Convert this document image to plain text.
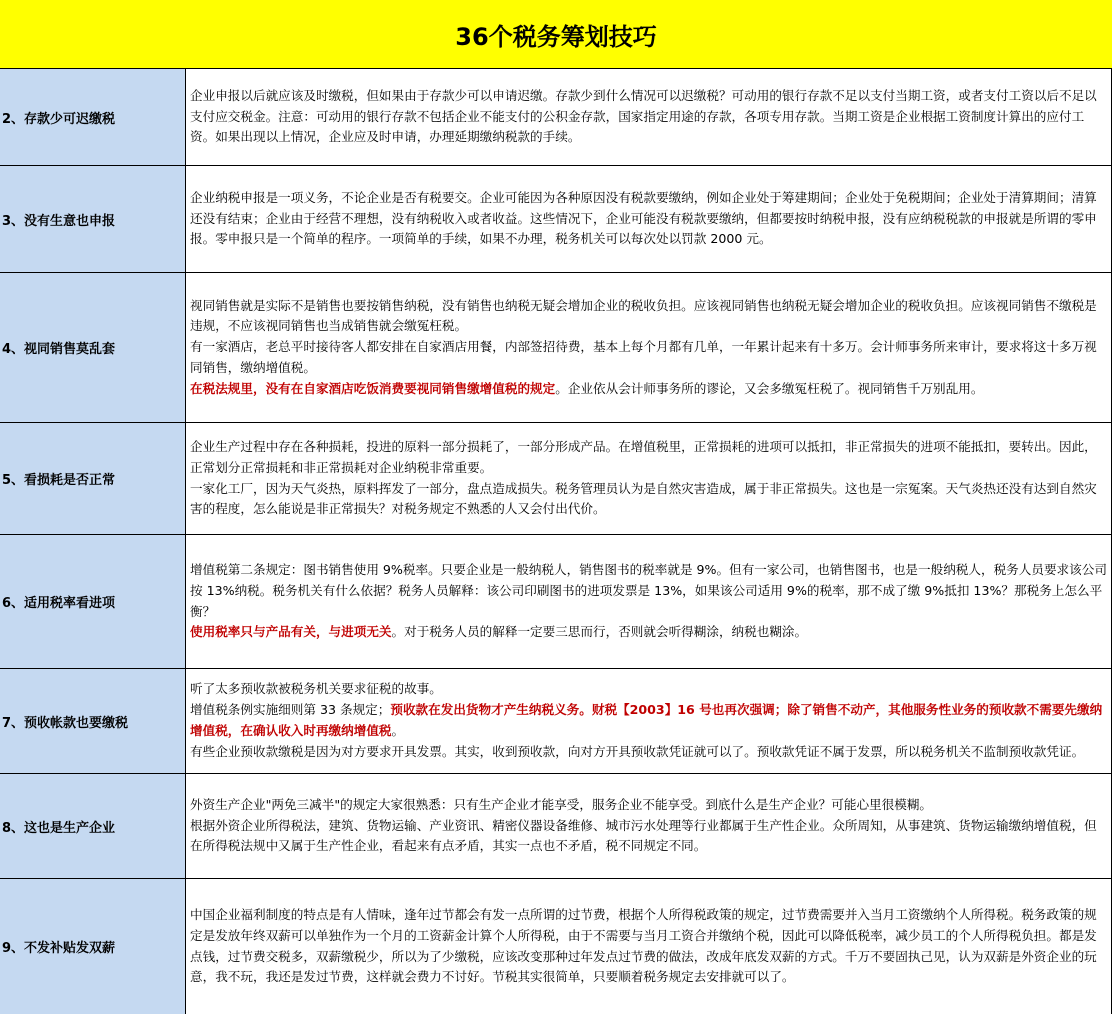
36个税务筹划技巧
2、存款少可迟缴税

企业申报以后就应该及时缴税，但如果由于存款少可以申请迟缴。存款少到什么情况可以迟缴税？可动用的银行存款不足以支付当期工资，或者支付工资以后不足以支付应交税金。注意：可动用的银行存款不包括企业不能支付的公积金存款，国家指定用途的存款，各项专用存款。当期工资是企业根据工资制度计算出的应付工资。如果出现以上情况，企业应及时申请，办理延期缴纳税款的手续。

3、没有生意也申报

企业纳税申报是一项义务，不论企业是否有税要交。企业可能因为各种原因没有税款要缴纳，例如企业处于筹建期间；企业处于免税期间；企业处于清算期间；清算还没有结束；企业由于经营不理想，没有纳税收入或者收益。这些情况下，企业可能没有税款要缴纳，但都要按时纳税申报，没有应纳税税款的申报就是所谓的零申报。零申报只是一个简单的程序。一项简单的手续，如果不办理，税务机关可以每次处以罚款 2000 元。

4、视同销售莫乱套

视同销售就是实际不是销售也要按销售纳税，没有销售也纳税无疑会增加企业的税收负担。应该视同销售也纳税无疑会增加企业的税收负担。应该视同销售不缴税是违规，不应该视同销售也当成销售就会缴冤枉税。

有一家酒店，老总平时接待客人都安排在自家酒店用餐，内部签招待费，基本上每个月都有几单，一年累计起来有十多万。会计师事务所来审计，要求将这十多万视同销售，缴纳增值税。

在税法规里，没有在自家酒店吃饭消费要视同销售缴增值税的规定。企业依从会计师事务所的谬论，又会多缴冤枉税了。视同销售千万别乱用。

5、看损耗是否正常

企业生产过程中存在各种损耗，投进的原料一部分损耗了，一部分形成产品。在增值税里，正常损耗的进项可以抵扣，非正常损失的进项不能抵扣，要转出。因此，正常划分正常损耗和非正常损耗对企业纳税非常重要。

一家化工厂，因为天气炎热，原料挥发了一部分，盘点造成损失。税务管理员认为是自然灾害造成，属于非正常损失。这也是一宗冤案。天气炎热还没有达到自然灾害的程度，怎么能说是非正常损失？对税务规定不熟悉的人又会付出代价。

6、适用税率看进项

增值税第二条规定：图书销售使用 9%税率。只要企业是一般纳税人，销售图书的税率就是 9%。但有一家公司，也销售图书，也是一般纳税人，税务人员要求该公司按 13%纳税。税务机关有什么依据？税务人员解释：该公司印刷图书的进项发票是 13%，如果该公司适用 9%的税率，那不成了缴 9%抵扣 13%？那税务上怎么平衡？

使用税率只与产品有关，与进项无关。对于税务人员的解释一定要三思而行，否则就会听得糊涂，纳税也糊涂。

7、预收帐款也要缴税

听了太多预收款被税务机关要求征税的故事。

增值税条例实施细则第 33 条规定；预收款在发出货物才产生纳税义务。财税【2003】16 号也再次强调；除了销售不动产，其他服务性业务的预收款不需要先缴纳增值税，在确认收入时再缴纳增值税。

有些企业预收款缴税是因为对方要求开具发票。其实，收到预收款，向对方开具预收款凭证就可以了。预收款凭证不属于发票，所以税务机关不监制预收款凭证。

8、这也是生产企业

外资生产企业"两免三减半"的规定大家很熟悉：只有生产企业才能享受，服务企业不能享受。到底什么是生产企业？可能心里很模糊。

根据外资企业所得税法，建筑、货物运输、产业资讯、精密仪器设备维修、城市污水处理等行业都属于生产性企业。众所周知，从事建筑、货物运输缴纳增值税，但在所得税法规中又属于生产性企业，看起来有点矛盾，其实一点也不矛盾，税不同规定不同。

9、不发补贴发双薪

中国企业福利制度的特点是有人情味，逢年过节都会有发一点所谓的过节费，根据个人所得税政策的规定，过节费需要并入当月工资缴纳个人所得税。税务政策的规定是发放年终双薪可以单独作为一个月的工资薪金计算个人所得税，由于不需要与当月工资合并缴纳个税，因此可以降低税率，减少员工的个人所得税负担。都是发点钱，过节费交税多，双薪缴税少，所以为了少缴税，应该改变那种过年发点过节费的做法，改成年底发双薪的方式。千万不要固执己见，认为双薪是外资企业的玩意，我不玩，我还是发过节费，这样就会费力不讨好。节税其实很简单，只要顺着税务规定去安排就可以了。
